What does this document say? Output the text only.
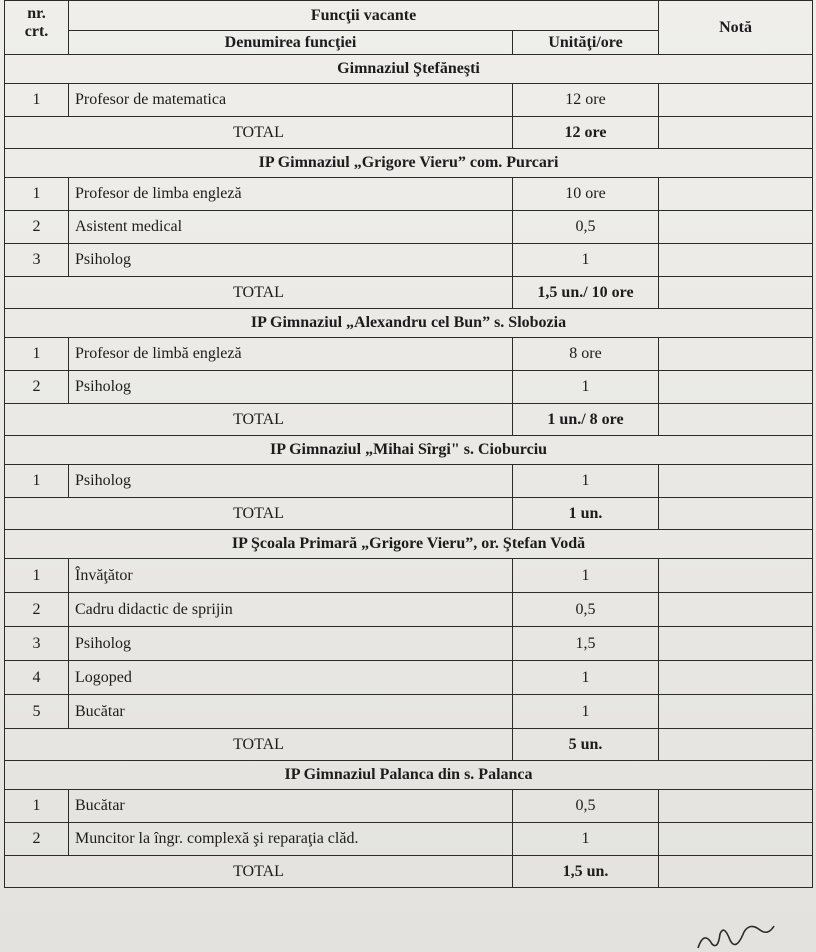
nr.
crt.	Funcţii vacante		Notă
	Denumirea funcţiei	Unităţi/ore	
Gimnaziul Ştefăneşti			
1	Profesor de matematica	12 ore	
TOTAL		12 ore	
IP Gimnaziul „Grigore Vieru” com. Purcari			
1	Profesor de limba engleză	10 ore	
2	Asistent medical	0,5	
3	Psiholog	1	
TOTAL		1,5 un./ 10 ore	
IP Gimnaziul „Alexandru cel Bun” s. Slobozia			
1	Profesor de limbă engleză	8 ore	
2	Psiholog	1	
TOTAL		1 un./ 8 ore	
IP Gimnaziul „Mihai Sîrgi" s. Cioburciu			
1	Psiholog	1	
TOTAL		1 un.	
IP Şcoala Primară „Grigore Vieru”, or. Ştefan Vodă			
1	Învăţător	1	
2	Cadru didactic de sprijin	0,5	
3	Psiholog	1,5	
4	Logoped	1	
5	Bucătar	1	
TOTAL		5 un.	
IP Gimnaziul Palanca din s. Palanca			
1	Bucătar	0,5	
2	Muncitor la îngr. complexă şi reparaţia clăd.	1	
TOTAL		1,5 un.	
